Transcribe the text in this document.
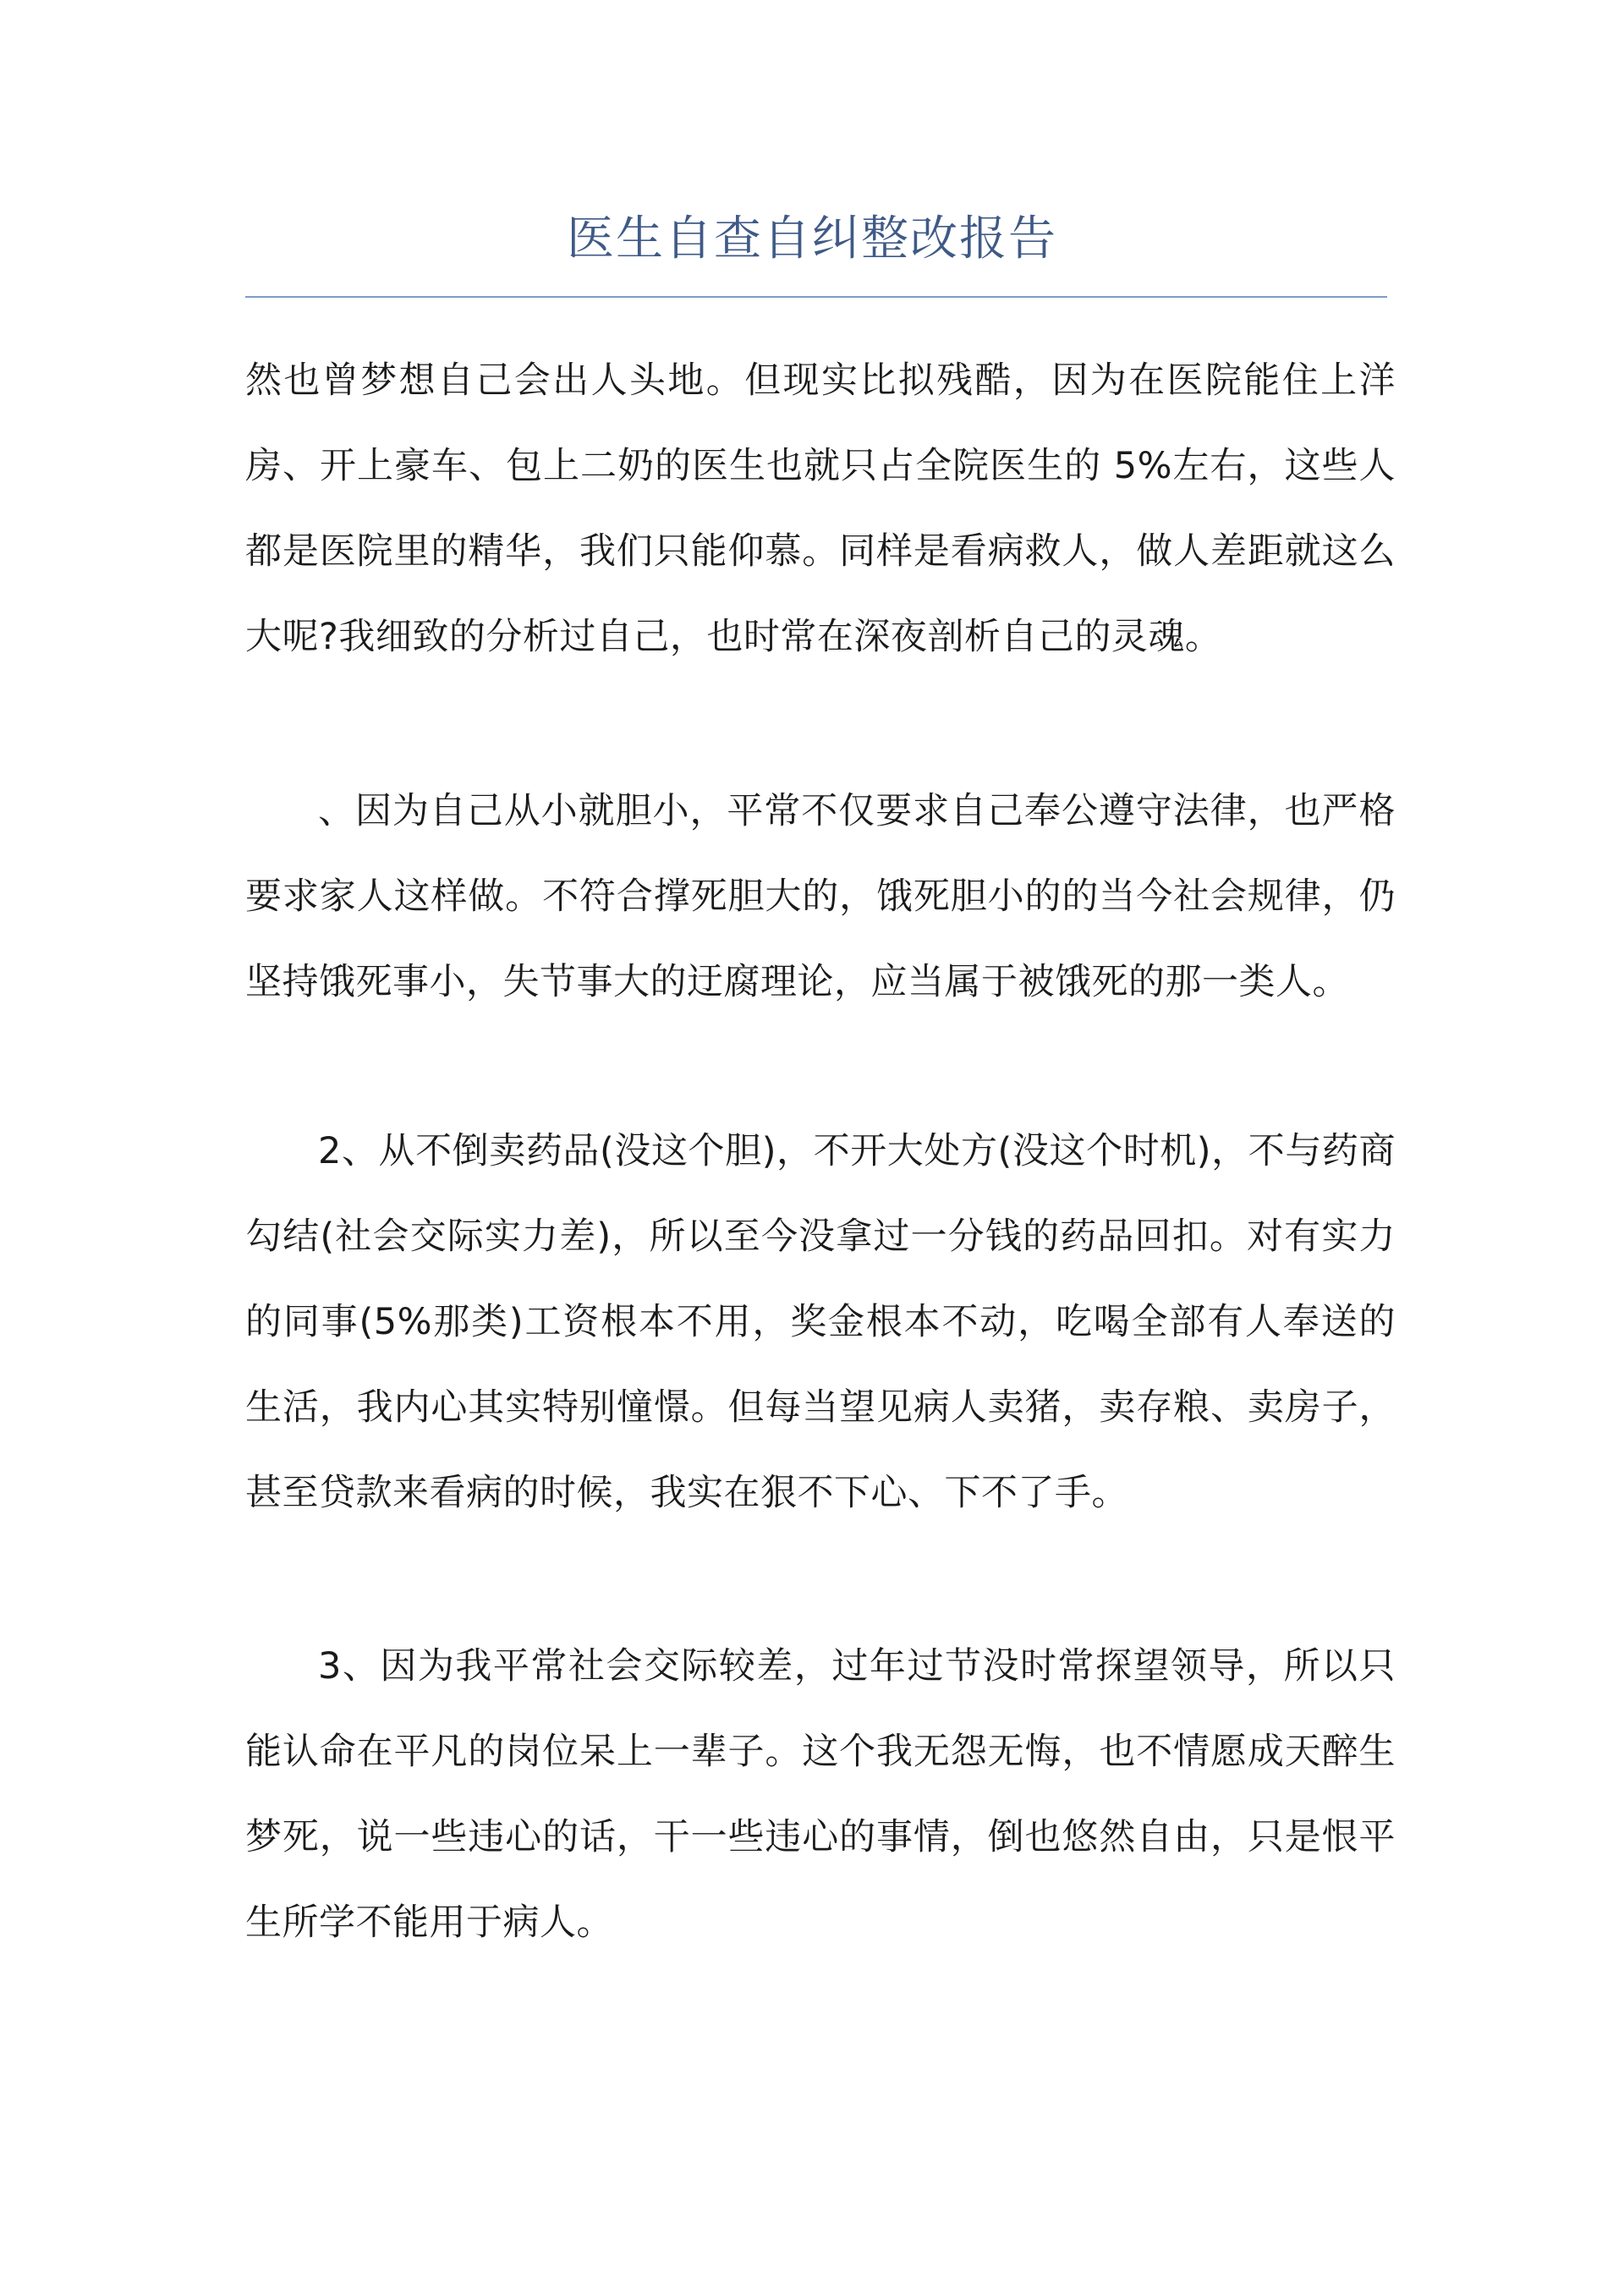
医生自查自纠整改报告

然也曾梦想自己会出人头地。但现实比拟残酷，因为在医院能住上洋房、开上豪车、包上二奶的医生也就只占全院医生的 5%左右，这些人都是医院里的精华，我们只能仰慕。同样是看病救人，做人差距就这么大呢?我细致的分析过自己，也时常在深夜剖析自己的灵魂。

、因为自己从小就胆小，平常不仅要求自己奉公遵守法律，也严格要求家人这样做。不符合撑死胆大的，饿死胆小的的当今社会规律，仍坚持饿死事小，失节事大的迂腐理论，应当属于被饿死的那一类人。

2、从不倒卖药品(没这个胆)，不开大处方(没这个时机)，不与药商勾结(社会交际实力差)，所以至今没拿过一分钱的药品回扣。对有实力的同事(5%那类)工资根本不用，奖金根本不动，吃喝全部有人奉送的生活，我内心其实特别憧憬。但每当望见病人卖猪，卖存粮、卖房子，甚至贷款来看病的时候，我实在狠不下心、下不了手。

3、因为我平常社会交际较差，过年过节没时常探望领导，所以只能认命在平凡的岗位呆上一辈子。这个我无怨无悔，也不情愿成天醉生梦死，说一些违心的话，干一些违心的事情，倒也悠然自由，只是恨平生所学不能用于病人。
